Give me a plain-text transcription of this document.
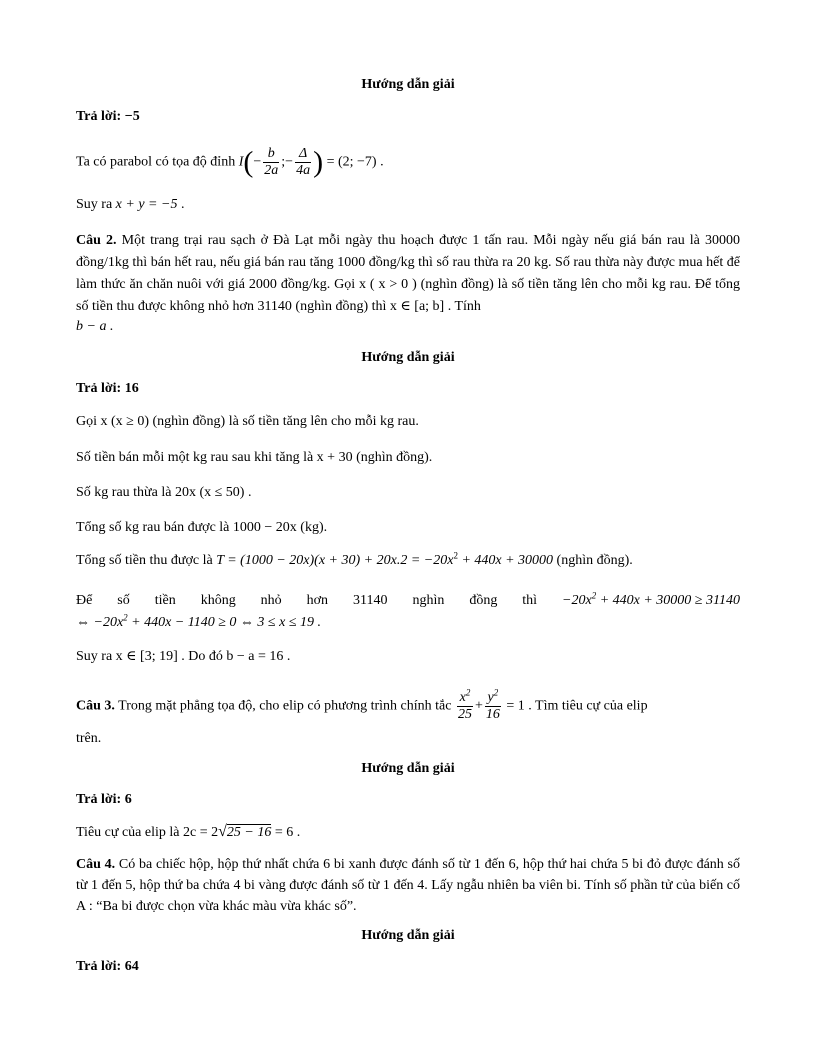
Hướng dẫn giải
Trả lời: −5
Ta có parabol có tọa độ đỉnh $I(- \frac{b}{2a}$ ;− $\frac{\Delta}{4a}$ ) = (2; −7) .
Suy ra x + y = −5 .
Câu 2. Một trang trại rau sạch ở Đà Lạt mỗi ngày thu hoạch được 1 tấn rau. Mỗi ngày nếu giá bán rau là 30000 đồng/1kg thì bán hết rau, nếu giá bán rau tăng 1000 đồng/kg thì số rau thừa ra 20 kg. Số rau thừa này được mua hết để làm thức ăn chăn nuôi với giá 2000 đồng/kg. Gọi x ( x > 0 ) (nghìn đồng) là số tiền tăng lên cho mỗi kg rau. Để tổng số tiền thu được không nhỏ hơn 31140 (nghìn đồng) thì x ∈ [a; b] . Tính
b − a .
Hướng dẫn giải
Trả lời: 16
Gọi x (x ≥ 0) (nghìn đồng) là số tiền tăng lên cho mỗi kg rau.
Số tiền bán mỗi một kg rau sau khi tăng là x + 30 (nghìn đồng).
Số kg rau thừa là 20x (x ≤ 50) .
Tổng số kg rau bán được là 1000 − 20x (kg).
Tổng số tiền thu được là $T = (1000 - 20x)(x + 30) + 20x.2 = -20x^2 + 440x + 30000$ (nghìn đồng).
Để số tiền không nhỏ hơn 31140 nghìn đồng thì $-20x^2 + 440x + 30000 \ge 31140$
⇔ $-20x^2 + 440x - 1140 \ge 0$ ⇔ 3 ≤ x ≤ 19 .
Suy ra x ∈ [3; 19] . Do đó b − a = 16 .
Câu 3. Trong mặt phẳng tọa độ, cho elip có phương trình chính tắc $\frac{x^2}{25} + \frac{y^2}{16} = 1$ . Tìm tiêu cự của elip
trên.
Hướng dẫn giải
Trả lời: 6
Tiêu cự của elip là 2c = 2√25 − 16 = 6 .
Câu 4. Có ba chiếc hộp, hộp thứ nhất chứa 6 bi xanh được đánh số từ 1 đến 6, hộp thứ hai chứa 5 bi đỏ được đánh số từ 1 đến 5, hộp thứ ba chứa 4 bi vàng được đánh số từ 1 đến 4. Lấy ngẫu nhiên ba viên bi. Tính số phần tử của biến cố A : “Ba bi được chọn vừa khác màu vừa khác số”.
Hướng dẫn giải
Trả lời: 64
